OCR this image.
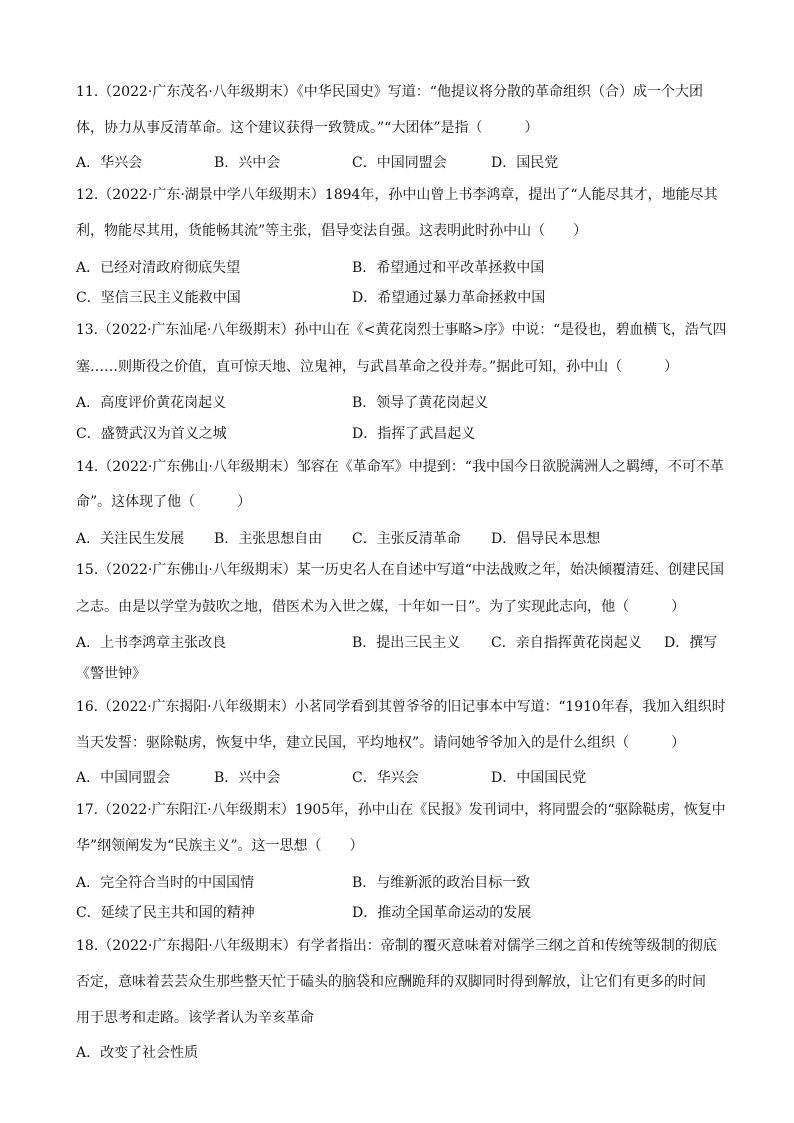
11.（2022·广东茂名·八年级期末）《中华民国史》写道：“他提议将分散的革命组织（合）成一个大团
体，协力从事反清革命。这个建议获得一致赞成。”“大团体”是指（　　　）
A．华兴会	B．兴中会	C．中国同盟会	D．国民党
12.（2022·广东·湖景中学八年级期末）1894年，孙中山曾上书李鸿章，提出了“人能尽其才，地能尽其
利，物能尽其用，货能畅其流”等主张，倡导变法自强。这表明此时孙中山（　　）
A．已经对清政府彻底失望	B．希望通过和平改革拯救中国
C．坚信三民主义能救中国	D．希望通过暴力革命拯救中国
13.（2022·广东汕尾·八年级期末）孙中山在《<黄花岗烈士事略>序》中说：“是役也，碧血横飞，浩气四
塞……则斯役之价值，直可惊天地、泣鬼神，与武昌革命之役并寿。”据此可知，孙中山（　　　）
A．高度评价黄花岗起义	B．领导了黄花岗起义
C．盛赞武汉为首义之城	D．指挥了武昌起义
14.（2022·广东佛山·八年级期末）邹容在《革命军》中提到：“我中国今日欲脱满洲人之羁缚，不可不革
命”。这体现了他（　　　）
A．关注民生发展 B．主张思想自由 C．主张反清革命 D．倡导民本思想
15.（2022·广东佛山·八年级期末）某一历史名人在自述中写道“中法战败之年，始决倾覆清廷、创建民国
之志。由是以学堂为鼓吹之地，借医术为入世之媒，十年如一日”。为了实现此志向，他（　　　）
A．上书李鸿章主张改良	B．提出三民主义 C．亲自指挥黄花岗起义 D．撰写
《警世钟》
16.（2022·广东揭阳·八年级期末）小茗同学看到其曾爷爷的旧记事本中写道：“1910年春，我加入组织时
当天发誓：驱除鞑虏，恢复中华，建立民国，平均地权”。请问她爷爷加入的是什么组织（　　　）
A．中国同盟会	B．兴中会	C．华兴会	D．中国国民党
17.（2022·广东阳江·八年级期末）1905年，孙中山在《民报》发刊词中，将同盟会的“驱除鞑虏，恢复中
华”纲领阐发为“民族主义”。这一思想（　　）
A．完全符合当时的中国国情	B．与维新派的政治目标一致
C．延续了民主共和国的精神	D．推动全国革命运动的发展
18.（2022·广东揭阳·八年级期末）有学者指出：帝制的覆灭意味着对儒学三纲之首和传统等级制的彻底
否定，意味着芸芸众生那些整天忙于磕头的脑袋和应酬跪拜的双脚同时得到解放，让它们有更多的时间
用于思考和走路。该学者认为辛亥革命
A．改变了社会性质
